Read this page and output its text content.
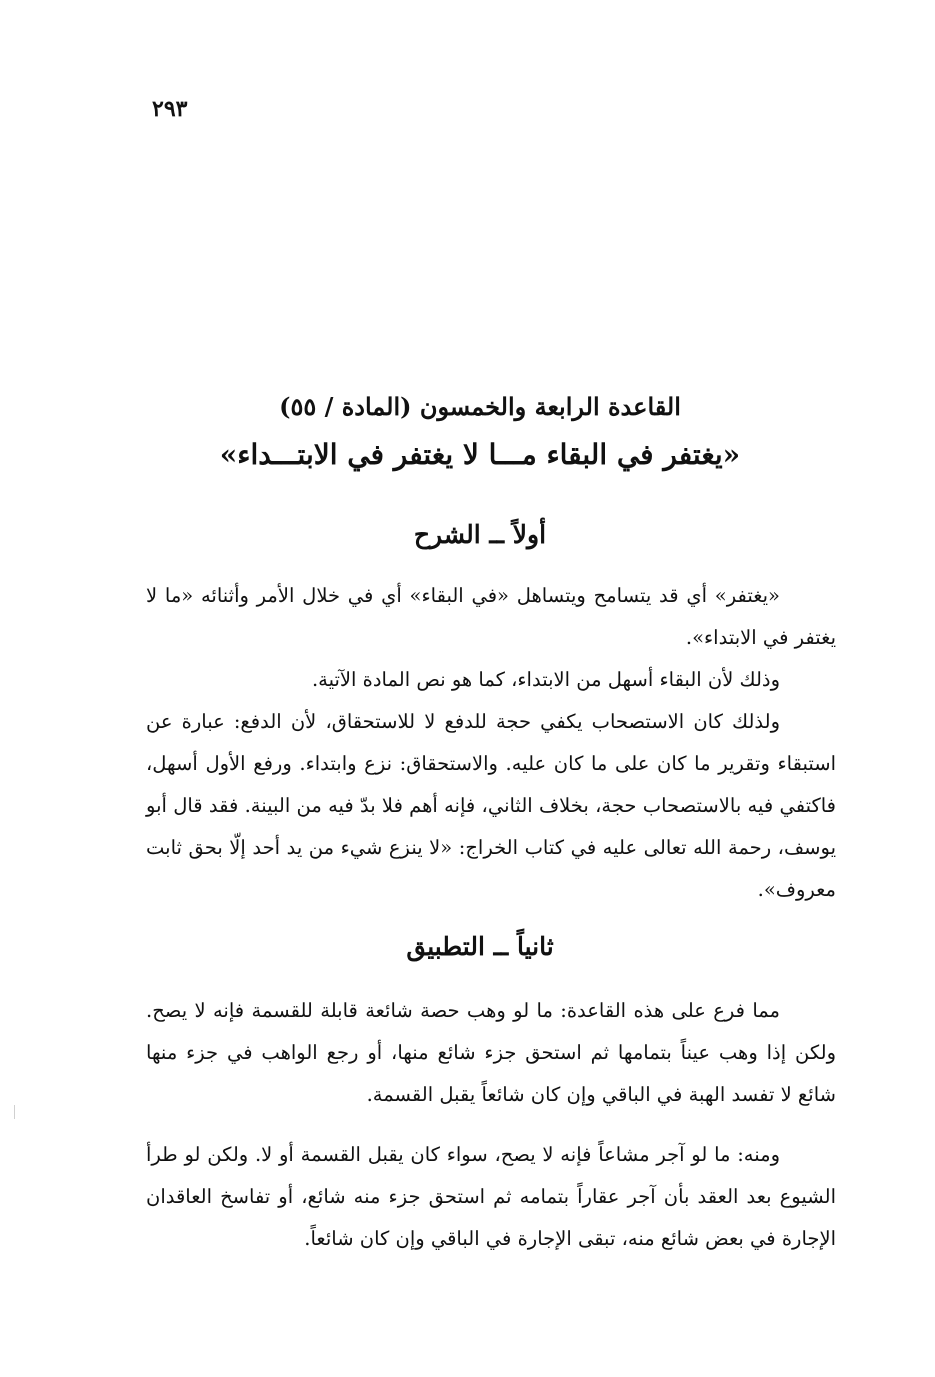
٢٩٣

القاعدة الرابعة والخمسون (المادة / ٥٥)

«يغتفر في البقاء مـــا لا يغتفر في الابتـــداء»

أولاً ــ الشرح

«يغتفر» أي قد يتسامح ويتساهل «في البقاء» أي في خلال الأمر وأثنائه «ما لا يغتفر في الابتداء».

وذلك لأن البقاء أسهل من الابتداء، كما هو نص المادة الآتية.

ولذلك كان الاستصحاب يكفي حجة للدفع لا للاستحقاق، لأن الدفع: عبارة عن استبقاء وتقرير ما كان على ما كان عليه. والاستحقاق: نزع وابتداء. ورفع الأول أسهل، فاكتفي فيه بالاستصحاب حجة، بخلاف الثاني، فإنه أهم فلا بدّ فيه من البينة. فقد قال أبو يوسف، رحمة الله تعالى عليه في كتاب الخراج: «لا ينزع شيء من يد أحد إلّا بحق ثابت معروف».

ثانياً ــ التطبيق

مما فرع على هذه القاعدة: ما لو وهب حصة شائعة قابلة للقسمة فإنه لا يصح. ولكن إذا وهب عيناً بتمامها ثم استحق جزء شائع منها، أو رجع الواهب في جزء منها شائع لا تفسد الهبة في الباقي وإن كان شائعاً يقبل القسمة.

ومنه: ما لو آجر مشاعاً فإنه لا يصح، سواء كان يقبل القسمة أو لا. ولكن لو طرأ الشيوع بعد العقد بأن آجر عقاراً بتمامه ثم استحق جزء منه شائع، أو تفاسخ العاقدان الإجارة في بعض شائع منه، تبقى الإجارة في الباقي وإن كان شائعاً.
